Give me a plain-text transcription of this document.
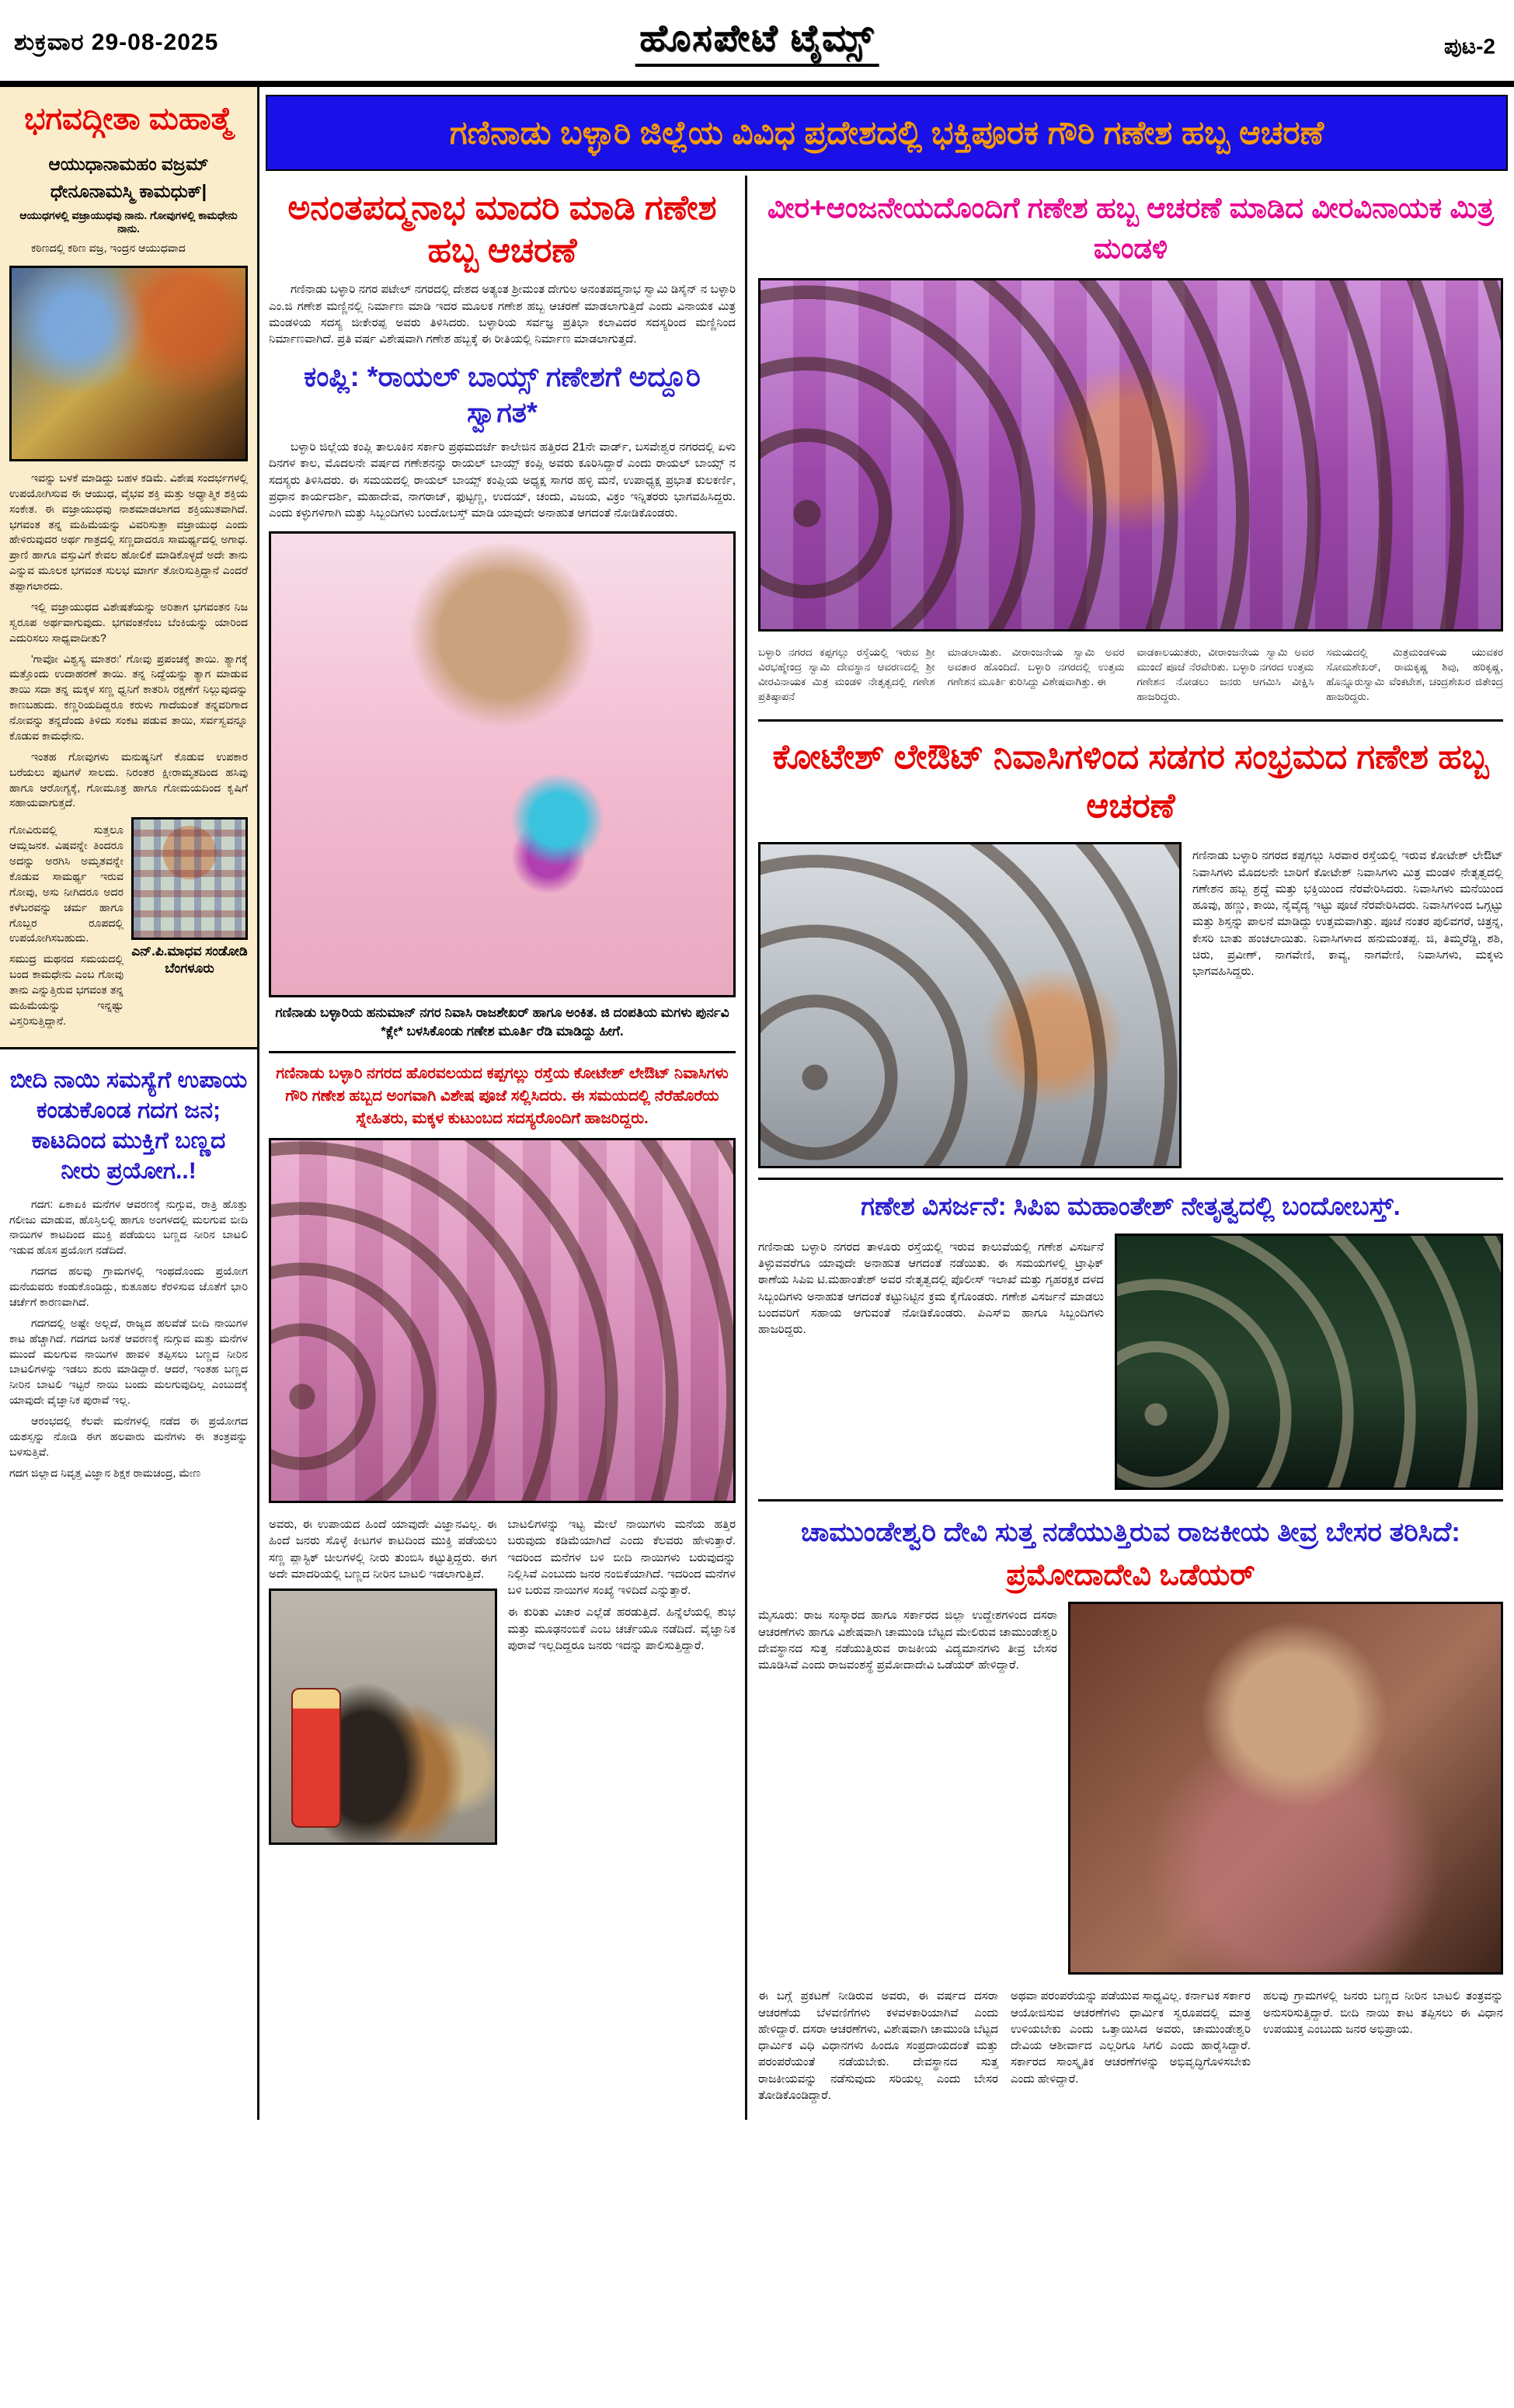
ಶುಕ್ರವಾರ 29-08-2025	ಹೊಸಪೇಟೆ ಟೈಮ್ಸ್	ಪುಟ-2
ಭಗವದ್ಗೀತಾ ಮಹಾತ್ಮೆ
ಆಯುಧಾನಾಮಹಂ ವಜ್ರಮ್
ಧೇನೂನಾಮಸ್ಮಿ ಕಾಮಧುಕ್|
ಆಯುಧಗಳಲ್ಲಿ ವಜ್ರಾಯುಧವು ನಾನು. ಗೋವುಗಳಲ್ಲಿ ಕಾಮಧೇನು ನಾನು.

ಕಠಿಣದಲ್ಲಿ ಕಠಿಣ ವಜ್ರ, ಇಂದ್ರನ ಆಯುಧವಾದ

ಇವನ್ನು ಬಳಕೆ ಮಾಡಿದ್ದು ಬಹಳ ಕಡಿಮೆ. ವಿಶೇಷ ಸಂದರ್ಭಗಳಲ್ಲಿ ಉಪಯೋಗಿಸುವ ಈ ಆಯುಧ, ವೈಭವ ಶಕ್ತಿ ಮತ್ತು ಅಧ್ಯಾತ್ಮಿಕ ಶಕ್ತಿಯ ಸಂಕೇತ. ಈ ವಜ್ರಾಯುಧವು ನಾಶಮಾಡಲಾಗದ ಶಕ್ತಿಯುತವಾಗಿದೆ. ಭಗವಂತ ತನ್ನ ಮಹಿಮೆಯನ್ನು ವಿವರಿಸುತ್ತಾ ವಜ್ರಾಯುಧ ಎಂದು ಹೇಳಿರುವುದರ ಅರ್ಥ ಗಾತ್ರದಲ್ಲಿ ಸಣ್ಣದಾದರೂ ಸಾಮರ್ಥ್ಯದಲ್ಲಿ ಅಗಾಧ. ಪ್ರಾಣಿ ಹಾಗೂ ವಸ್ತುವಿಗೆ ಕೇವಲ ಹೋಲಿಕೆ ಮಾಡಿಕೊಳ್ಳದೆ ಅದೇ ತಾನು ಎನ್ನುವ ಮೂಲಕ ಭಗವಂತ ಸುಲಭ ಮಾರ್ಗ ತೋರಿಸುತ್ತಿದ್ದಾನೆ ಎಂದರೆ ತಪ್ಪಾಗಲಾರದು.

ಇಲ್ಲಿ ವಜ್ರಾಯುಧದ ವಿಶೇಷತೆಯನ್ನು ಅರಿತಾಗ ಭಗವಂತನ ನಿಜ ಸ್ವರೂಪ ಅರ್ಥವಾಗುವುದು. ಭಗವಂತನೆಂಬ ಬೆಂಕಿಯನ್ನು ಯಾರಿಂದ ಎದುರಿಸಲು ಸಾಧ್ಯವಾದೀತು?

'ಗಾವೋ ವಿಶ್ವಸ್ಯ ಮಾತರಃ' ಗೋವು ಪ್ರಪಂಚಕ್ಕೆ ತಾಯಿ. ತ್ಯಾಗಕ್ಕೆ ಮತ್ತೊಂದು ಉದಾಹರಣೆ ತಾಯಿ. ತನ್ನ ನಿದ್ದೆಯನ್ನು ತ್ಯಾಗ ಮಾಡುವ ತಾಯಿ ಸದಾ ತನ್ನ ಮಕ್ಕಳ ಸಣ್ಣ ಧ್ವನಿಗೆ ಕಾತರಿಸಿ ರಕ್ಷಣೆಗೆ ನಿಲ್ಲುವುದನ್ನು ಕಾಣಬಹುದು. ಕಣ್ಣರಿಯದಿದ್ದರೂ ಕರುಳು ಗಾದೆಯಂತೆ ತನ್ನವರಿಗಾದ ನೋವನ್ನು ತನ್ನದೆಂದು ತಿಳಿದು ಸಂಕಟ ಪಡುವ ತಾಯಿ, ಸರ್ವಸ್ವವನ್ನೂ ಕೊಡುವ ಕಾಮಧೇನು.

ಇಂತಹ ಗೋವುಗಳು ಮನುಷ್ಯನಿಗೆ ಕೊಡುವ ಉಪಕಾರ ಬರೆಯಲು ಪುಟಗಳೆ ಸಾಲದು. ನಿರಂತರ ಕ್ಷೀರಾಮೃತದಿಂದ ಹಸಿವು ಹಾಗೂ ಆರೋಗ್ಯಕ್ಕೆ, ಗೋಮೂತ್ರ ಹಾಗೂ ಗೋಮಯದಿಂದ ಕೃಷಿಗೆ ಸಹಾಯವಾಗುತ್ತದೆ.

ಗೋವಿರುವಲ್ಲಿ ಸುತ್ತಲೂ ಆಮ್ಲಜನಕ. ವಿಷವನ್ನೇ ತಿಂದರೂ ಅದನ್ನು ಅರಗಿಸಿ ಅಮೃತವನ್ನೇ ಕೊಡುವ ಸಾಮರ್ಥ್ಯ ಇರುವ ಗೋವು, ಅಸು ನೀಗಿದರೂ ಅದರ ಕಳೆಬರವನ್ನು ಚರ್ಮ ಹಾಗೂ ಗೊಬ್ಬರ ರೂಪದಲ್ಲಿ ಉಪಯೋಗಿಸಬಹುದು.

ಸಮುದ್ರ ಮಥನದ ಸಮಯದಲ್ಲಿ ಬಂದ ಕಾಮಧೇನು ಎಂಬ ಗೋವು ತಾನು ಎನ್ನುತ್ತಿರುವ ಭಗವಂತ ತನ್ನ ಮಹಿಮೆಯನ್ನು ಇನ್ನಷ್ಟು ವಿಸ್ತರಿಸುತ್ತಿದ್ದಾನೆ.

ಎನ್.ಪಿ.ಮಾಧವ ಸಂಡೋಡಿ
ಬೆಂಗಳೂರು
ಬೀದಿ ನಾಯಿ ಸಮಸ್ಯೆಗೆ ಉಪಾಯ ಕಂಡುಕೊಂಡ ಗದಗ ಜನ; ಕಾಟದಿಂದ ಮುಕ್ತಿಗೆ ಬಣ್ಣದ ನೀರು ಪ್ರಯೋಗ..!

ಗದಗ: ಏಕಾಏಕಿ ಮನೆಗಳ ಆವರಣಕ್ಕೆ ನುಗ್ಗುವ, ರಾತ್ರಿ ಹೊತ್ತು ಗಲೀಜು ಮಾಡುವ, ಹೊಸ್ತಿಲಲ್ಲಿ ಹಾಗೂ ಅಂಗಳದಲ್ಲಿ ಮಲಗುವ ಬೀದಿ ನಾಯಿಗಳ ಕಾಟದಿಂದ ಮುಕ್ತಿ ಪಡೆಯಲು ಬಣ್ಣದ ನೀರಿನ ಬಾಟಲಿ ಇಡುವ ಹೊಸ ಪ್ರಯೋಗ ನಡೆದಿದೆ.

ಗದಗದ ಹಲವು ಗ್ರಾಮಗಳಲ್ಲಿ ಇಂಥದೊಂದು ಪ್ರಯೋಗ ಮನೆಯವರು ಕಂಡುಕೊಂಡಿದ್ದು, ಕುತೂಹಲ ಕೆರಳಿಸುವ ಜೊತೆಗೆ ಭಾರಿ ಚರ್ಚೆಗೆ ಕಾರಣವಾಗಿದೆ.

ಗದಗದಲ್ಲಿ ಅಷ್ಟೇ ಅಲ್ಲದೆ, ರಾಜ್ಯದ ಹಲವೆಡೆ ಬೀದಿ ನಾಯಿಗಳ ಕಾಟ ಹೆಚ್ಚಾಗಿದೆ. ಗದಗದ ಜನತೆ ಆವರಣಕ್ಕೆ ನುಗ್ಗುವ ಮತ್ತು ಮನೆಗಳ ಮುಂದೆ ಮಲಗುವ ನಾಯಿಗಳ ಹಾವಳಿ ತಪ್ಪಿಸಲು ಬಣ್ಣದ ನೀರಿನ ಬಾಟಲಿಗಳನ್ನು ಇಡಲು ಶುರು ಮಾಡಿದ್ದಾರೆ. ಆದರೆ, ಇಂತಹ ಬಣ್ಣದ ನೀರಿನ ಬಾಟಲಿ ಇಟ್ಟರೆ ನಾಯಿ ಬಂದು ಮಲಗುವುದಿಲ್ಲ ಎಂಬುದಕ್ಕೆ ಯಾವುದೇ ವೈಜ್ಞಾನಿಕ ಪುರಾವೆ ಇಲ್ಲ.

ಆರಂಭದಲ್ಲಿ ಕೆಲವೇ ಮನೆಗಳಲ್ಲಿ ನಡೆದ ಈ ಪ್ರಯೋಗದ ಯಶಸ್ಸನ್ನು ನೋಡಿ ಈಗ ಹಲವಾರು ಮನೆಗಳು ಈ ತಂತ್ರವನ್ನು ಬಳಸುತ್ತಿವೆ.

ಗದಗ ಜಿಲ್ಲಾದ ನಿವೃತ್ತ ವಿಜ್ಞಾನ ಶಿಕ್ಷಕ ರಾಮಚಂದ್ರ, ಮೇಣ

ಗಣಿನಾಡು ಬಳ್ಳಾರಿ ಜಿಲ್ಲೆಯ ವಿವಿಧ ಪ್ರದೇಶದಲ್ಲಿ ಭಕ್ತಿಪೂರಕ ಗೌರಿ ಗಣೇಶ ಹಬ್ಬ ಆಚರಣೆ
ಅನಂತಪದ್ಮನಾಭ ಮಾದರಿ ಮಾಡಿ ಗಣೇಶ ಹಬ್ಬ ಆಚರಣೆ

ಗಣಿನಾಡು ಬಳ್ಳಾರಿ ನಗರ ಪಟೇಲ್ ನಗರದಲ್ಲಿ ದೇಶದ ಅತ್ಯಂತ ಶ್ರೀಮಂತ ದೇಗುಲ ಅನಂತಪದ್ಮನಾಭ ಸ್ವಾಮಿ ಡಿಸೈನ್ ನ ಬಳ್ಳಾರಿ ಎಂ.ಜಿ ಗಣೇಶ ಮಣ್ಣಿನಲ್ಲಿ ನಿರ್ಮಾಣ ಮಾಡಿ ಇದರ ಮೂಲಕ ಗಣೇಶ ಹಬ್ಬ ಆಚರಣೆ ಮಾಡಲಾಗುತ್ತಿದೆ ಎಂದು ವಿನಾಯಕ ಮಿತ್ರ ಮಂಡಳಿಯ ಸದಸ್ಯ ಜೀಕೇರಪ್ಪ ಅವರು ತಿಳಿಸಿದರು. ಬಳ್ಳಾರಿಯ ಸರ್ವಜ್ಞ ಪ್ರತಿಭಾ ಕಲಾವಿದರ ಸದಸ್ಯರಿಂದ ಮಣ್ಣಿನಿಂದ ನಿರ್ಮಾಣವಾಗಿದೆ. ಪ್ರತಿ ವರ್ಷ ವಿಶೇಷವಾಗಿ ಗಣೇಶ ಹಬ್ಬಕ್ಕೆ ಈ ರೀತಿಯಲ್ಲಿ ನಿರ್ಮಾಣ ಮಾಡಲಾಗುತ್ತದೆ.

ಕಂಪ್ಲಿ: *ರಾಯಲ್ ಬಾಯ್ಸ್ ಗಣೇಶಗೆ ಅದ್ದೂರಿ ಸ್ವಾಗತ*

ಬಳ್ಳಾರಿ ಜಿಲ್ಲೆಯ ಕಂಪ್ಲಿ ತಾಲೂಕಿನ ಸರ್ಕಾರಿ ಪ್ರಥಮದರ್ಜೆ ಕಾಲೇಜಿನ ಹತ್ತಿರದ 21ನೇ ವಾರ್ಡ್, ಬಸವೇಶ್ವರ ನಗರದಲ್ಲಿ ಏಳು ದಿನಗಳ ಕಾಲ, ಮೊದಲನೇ ವರ್ಷದ ಗಣೇಶನನ್ನು ರಾಯಲ್ ಬಾಯ್ಸ್ ಕಂಪ್ಲಿ ಅವರು ಕೂರಿಸಿದ್ದಾರೆ ಎಂದು ರಾಯಲ್ ಬಾಯ್ಸ್ ನ ಸದಸ್ಯರು ತಿಳಿಸಿದರು. ಈ ಸಮಯದಲ್ಲಿ ರಾಯಲ್ ಬಾಯ್ಸ್ ಕಂಪ್ಲಿಯ ಅಧ್ಯಕ್ಷ ಸಾಗರ ಹಳ್ಳಿ ಮನೆ, ಉಪಾಧ್ಯಕ್ಷ ಪ್ರಭಾತ ಕುಲಕರ್ಣಿ, ಪ್ರಧಾನ ಕಾರ್ಯದರ್ಶಿ, ಮಹಾದೇವ, ನಾಗರಾಜ್, ಫುಟ್ಟಣ್ಣ, ಉದಯ್, ಚಂದು, ವಿಜಯ, ವಿಕ್ರಂ ಇನ್ನಿತರರು ಭಾಗವಹಿಸಿದ್ದರು. ಎಂದು ಕಳ್ಳುಗಳಿಗಾಗಿ ಮತ್ತು ಸಿಬ್ಬಂದಿಗಳು ಬಂದೋಬಸ್ತ್ ಮಾಡಿ ಯಾವುದೇ ಅನಾಹುತ ಆಗದಂತೆ ನೋಡಿಕೊಂಡರು.

ಗಣಿನಾಡು ಬಳ್ಳಾರಿಯ ಹನುಮಾನ್ ನಗರ ನಿವಾಸಿ ರಾಜಶೇಖರ್ ಹಾಗೂ ಅಂಕಿತ. ಜಿ ದಂಪತಿಯ ಮಗಳು ಪುರ್ನವಿ *ಕ್ಲೇ* ಬಳಸಿಕೊಂಡು ಗಣೇಶ ಮೂರ್ತಿ ರೆಡಿ ಮಾಡಿದ್ದು ಹೀಗೆ.
ಗಣಿನಾಡು ಬಳ್ಳಾರಿ ನಗರದ ಹೊರವಲಯದ ಕಪ್ಪಗಲ್ಲು ರಸ್ತೆಯ ಕೋಟೇಶ್ ಲೇಔಟ್ ನಿವಾಸಿಗಳು ಗೌರಿ ಗಣೇಶ ಹಬ್ಬದ ಅಂಗವಾಗಿ ವಿಶೇಷ ಪೂಜೆ ಸಲ್ಲಿಸಿದರು. ಈ ಸಮಯದಲ್ಲಿ ನೆರೆಹೊರೆಯ ಸ್ನೇಹಿತರು, ಮಕ್ಕಳ ಕುಟುಂಬದ ಸದಸ್ಯರೊಂದಿಗೆ ಹಾಜರಿದ್ದರು.

ಅವರು, ಈ ಉಪಾಯದ ಹಿಂದೆ ಯಾವುದೇ ವಿಜ್ಞಾನವಿಲ್ಲ. ಈ ಹಿಂದೆ ಜನರು ಸೊಳ್ಳೆ ಕೀಟಗಳ ಕಾಟದಿಂದ ಮುಕ್ತಿ ಪಡೆಯಲು ಸಣ್ಣ ಪ್ಲಾಸ್ಟಿಕ್ ಚೀಲಗಳಲ್ಲಿ ನೀರು ತುಂಬಿಸಿ ಕಟ್ಟುತ್ತಿದ್ದರು. ಈಗ ಅದೇ ಮಾದರಿಯಲ್ಲಿ ಬಣ್ಣದ ನೀರಿನ ಬಾಟಲಿ ಇಡಲಾಗುತ್ತಿದೆ.

ಬಾಟಲಿಗಳನ್ನು ಇಟ್ಟ ಮೇಲೆ ನಾಯಿಗಳು ಮನೆಯ ಹತ್ತಿರ ಬರುವುದು ಕಡಿಮೆಯಾಗಿದೆ ಎಂದು ಕೆಲವರು ಹೇಳುತ್ತಾರೆ. ಇದರಿಂದ ಮನೆಗಳ ಬಳಿ ಬೀದಿ ನಾಯಿಗಳು ಬರುವುದನ್ನು ನಿಲ್ಲಿಸಿವೆ ಎಂಬುದು ಜನರ ನಂಬಿಕೆಯಾಗಿದೆ. ಇದರಿಂದ ಮನೆಗಳ ಬಳಿ ಬರುವ ನಾಯಿಗಳ ಸಂಖ್ಯೆ ಇಳಿದಿದೆ ಎನ್ನುತ್ತಾರೆ.

ಈ ಕುರಿತು ವಿಚಾರ ಎಲ್ಲೆಡೆ ಹರಡುತ್ತಿದೆ. ಹಿನ್ನೆಲೆಯಲ್ಲಿ ಶುಭ ಮತ್ತು ಮೂಢನಂಬಿಕೆ ಎಂಬ ಚರ್ಚೆಯೂ ನಡೆದಿದೆ. ವೈಜ್ಞಾನಿಕ ಪುರಾವೆ ಇಲ್ಲದಿದ್ದರೂ ಜನರು ಇದನ್ನು ಪಾಲಿಸುತ್ತಿದ್ದಾರೆ.

ವೀರ+ಆಂಜನೇಯದೊಂದಿಗೆ ಗಣೇಶ ಹಬ್ಬ ಆಚರಣೆ ಮಾಡಿದ ವೀರವಿನಾಯಕ ಮಿತ್ರ ಮಂಡಳಿ

ಬಳ್ಳಾರಿ ನಗರದ ಕಪ್ಪಗಲ್ಲು ರಸ್ತೆಯಲ್ಲಿ ಇರುವ ಶ್ರೀ ವಿರಭಹ್ಮೇಂದ್ರ ಸ್ವಾಮಿ ದೇವಸ್ಥಾನ ಆವರಣದಲ್ಲಿ ಶ್ರೀ ವೀರವಿನಾಯಕ ಮಿತ್ರ ಮಂಡಳಿ ನೇತೃತ್ವದಲ್ಲಿ ಗಣೇಶ ಪ್ರತಿಷ್ಠಾಪನೆ

ಮಾಡಲಾಯಿತು. ವೀರಾಂಜನೇಯ ಸ್ವಾಮಿ ಅವರ ಅವತಾರ ಹೊಂದಿದೆ. ಬಳ್ಳಾರಿ ನಗರದಲ್ಲಿ ಉತ್ತಮ ಗಣೇಶನ ಮೂರ್ತಿ ಕುರಿಸಿದ್ದು ವಿಶೇಷವಾಗಿತ್ತು. ಈ

ವಾಡಕಾಲಯುತರು, ವೀರಾಂಜನೇಯ ಸ್ವಾಮಿ ಅವರ ಮುಂದೆ ಪೂಜೆ ನೆರವೇರಿತು. ಬಳ್ಳಾರಿ ನಗರದ ಉತ್ತಮ ಗಣೇಶನ ನೋಡಲು ಜನರು ಆಗಮಿಸಿ ವೀಕ್ಷಿಸಿ ಹಾಜರಿದ್ದರು.

ಸಮಯದಲ್ಲಿ ಮಿತ್ರಮಂಡಳಿಯ ಯುವಕರ ಸೋಮಶೇಖರ್, ರಾಮಕೃಷ್ಣ ಶಿವು, ಹರಿಕೃಷ್ಣ, ಹೊನ್ನೂರುಸ್ವಾಮಿ ವೆಂಕಟೇಶ, ಚಂದ್ರಶೇಖರ ಜಿತೇಂದ್ರ ಹಾಜರಿದ್ದರು.

ಕೋಟೇಶ್ ಲೇಔಟ್ ನಿವಾಸಿಗಳಿಂದ ಸಡಗರ ಸಂಭ್ರಮದ ಗಣೇಶ ಹಬ್ಬ ಆಚರಣೆ

ಗಣಿನಾಡು ಬಳ್ಳಾರಿ ನಗರದ ಕಪ್ಪಗಲ್ಲು ಸಿರವಾರ ರಸ್ತೆಯಲ್ಲಿ ಇರುವ ಕೋಟೇಶ್ ಲೇಔಟ್ ನಿವಾಸಿಗಳು ಮೊದಲನೇ ಬಾರಿಗೆ ಕೋಟೇಶ್ ನಿವಾಸಿಗಳು ಮಿತ್ರ ಮಂಡಳಿ ನೇತೃತ್ವದಲ್ಲಿ ಗಣೇಶನ ಹಬ್ಬ ಶ್ರದ್ಧೆ ಮತ್ತು ಭಕ್ತಿಯಿಂದ ನೆರವೇರಿಸಿದರು. ನಿವಾಸಿಗಳು ಮನೆಯಿಂದ ಹೂವು, ಹಣ್ಣು, ಕಾಯಿ, ನೈವೈದ್ಯ ಇಟ್ಟು ಪೂಜೆ ನೆರವೇರಿಸಿದರು. ನಿವಾಸಿಗಳಿಂದ ಒಗ್ಗಟ್ಟು ಮತ್ತು ಶಿಸ್ತನ್ನು ಪಾಲನೆ ಮಾಡಿದ್ದು ಉತ್ತಮವಾಗಿತ್ತು. ಪೂಜೆ ನಂತರ ಪುಲಿವಗರೆ, ಚಿತ್ರನ್ನ, ಕೇಸರಿ ಬಾತು ಹಂಚಲಾಯಿತು. ನಿವಾಸಿಗಳಾದ ಹನುಮಂತಪ್ಪ. ಜಿ, ತಿಮ್ಮರೆಡ್ಡಿ, ಶಶಿ, ಚಿರು, ಪ್ರವೀಣ್, ನಾಗವೇಣಿ, ಕಾವ್ಯ, ನಾಗವೇಣಿ, ನಿವಾಸಿಗಳು, ಮಕ್ಕಳು ಭಾಗವಹಿಸಿದ್ದರು.

ಗಣೇಶ ವಿಸರ್ಜನೆ: ಸಿಪಿಐ ಮಹಾಂತೇಶ್ ನೇತೃತ್ವದಲ್ಲಿ ಬಂದೋಬಸ್ತ್.

ಗಣಿನಾಡು ಬಳ್ಳಾರಿ ನಗರದ ತಾಳೂರು ರಸ್ತೆಯಲ್ಲಿ ಇರುವ ಕಾಲುವೆಯಲ್ಲಿ ಗಣೇಶ ವಿಸರ್ಜನೆ ತಿಳ್ಳುವವರೆಗೂ ಯಾವುದೇ ಅನಾಹುತ ಆಗದಂತೆ ನಡೆಯಿತು. ಈ ಸಮಯಗಳಲ್ಲಿ ಟ್ರಾಫಿಕ್ ಠಾಣೆಯ ಸಿಪಿಐ ಟಿ.ಮಹಾಂತೇಶ್ ಅವರ ನೇತೃತ್ವದಲ್ಲಿ ಪೊಲೀಸ್ ಇಲಾಖೆ ಮತ್ತು ಗೃಹರಕ್ಷಕ ದಳದ ಸಿಬ್ಬಂದಿಗಳು ಅನಾಹುತ ಆಗದಂತೆ ಕಟ್ಟುನಿಟ್ಟಿನ ಕ್ರಮ ಕೈಗೊಂಡರು. ಗಣೇಶ ವಿಸರ್ಜನೆ ಮಾಡಲು ಬಂದವರಿಗೆ ಸಹಾಯ ಆಗುವಂತೆ ನೋಡಿಕೊಂಡರು. ಪಿಎಸ್ಐ ಹಾಗೂ ಸಿಬ್ಬಂದಿಗಳು ಹಾಜರಿದ್ದರು.

ಚಾಮುಂಡೇಶ್ವರಿ ದೇವಿ ಸುತ್ತ ನಡೆಯುತ್ತಿರುವ ರಾಜಕೀಯ ತೀವ್ರ ಬೇಸರ ತರಿಸಿದೆ:
ಪ್ರಮೋದಾದೇವಿ ಒಡೆಯರ್

ಮೈಸೂರು: ರಾಜ ಸಂಸ್ಕಾರದ ಹಾಗೂ ಸರ್ಕಾರದ ಜಿಲ್ಲಾ ಉದ್ದೇಶಗಳಿಂದ ದಸರಾ ಆಚರಣೆಗಳು ಹಾಗೂ ವಿಶೇಷವಾಗಿ ಚಾಮುಂಡಿ ಬೆಟ್ಟದ ಮೇಲಿರುವ ಚಾಮುಂಡೇಶ್ವರಿ ದೇವಸ್ಥಾನದ ಸುತ್ತ ನಡೆಯುತ್ತಿರುವ ರಾಜಕೀಯ ವಿದ್ಯಮಾನಗಳು ತೀವ್ರ ಬೇಸರ ಮೂಡಿಸಿವೆ ಎಂದು ರಾಜವಂಶಸ್ಥೆ ಪ್ರಮೋದಾದೇವಿ ಒಡೆಯರ್ ಹೇಳಿದ್ದಾರೆ.

ಈ ಬಗ್ಗೆ ಪ್ರಕಟಣೆ ನೀಡಿರುವ ಅವರು, ಈ ವರ್ಷದ ದಸರಾ ಆಚರಣೆಯ ಬೆಳವಣಿಗೆಗಳು ಕಳವಳಕಾರಿಯಾಗಿವೆ ಎಂದು ಹೇಳಿದ್ದಾರೆ. ದಸರಾ ಆಚರಣೆಗಳು, ವಿಶೇಷವಾಗಿ ಚಾಮುಂಡಿ ಬೆಟ್ಟದ ಧಾರ್ಮಿಕ ವಿಧಿ ವಿಧಾನಗಳು ಹಿಂದೂ ಸಂಪ್ರದಾಯದಂತೆ ಮತ್ತು ಪರಂಪರೆಯಂತೆ ನಡೆಯಬೇಕು. ದೇವಸ್ಥಾನದ ಸುತ್ತ ರಾಜಕೀಯವನ್ನು ನಡೆಸುವುದು ಸರಿಯಲ್ಲ ಎಂದು ಬೇಸರ ತೋಡಿಕೊಂಡಿದ್ದಾರೆ.

ಅಥವಾ ಪರಂಪರೆಯನ್ನು ಪಡೆಯುವ ಸಾಧ್ಯವಿಲ್ಲ. ಕರ್ನಾಟಕ ಸರ್ಕಾರ ಆಯೋಜಿಸುವ ಆಚರಣೆಗಳು ಧಾರ್ಮಿಕ ಸ್ವರೂಪದಲ್ಲಿ ಮಾತ್ರ ಉಳಿಯಬೇಕು ಎಂದು ಒತ್ತಾಯಿಸಿದ ಅವರು, ಚಾಮುಂಡೇಶ್ವರಿ ದೇವಿಯ ಆಶೀರ್ವಾದ ಎಲ್ಲರಿಗೂ ಸಿಗಲಿ ಎಂದು ಹಾರೈಸಿದ್ದಾರೆ. ಸರ್ಕಾರದ ಸಾಂಸ್ಕೃತಿಕ ಆಚರಣೆಗಳನ್ನು ಅಭಿವೃದ್ಧಿಗೊಳಿಸಬೇಕು ಎಂದು ಹೇಳಿದ್ದಾರೆ.

ಹಲವು ಗ್ರಾಮಗಳಲ್ಲಿ ಜನರು ಬಣ್ಣದ ನೀರಿನ ಬಾಟಲಿ ತಂತ್ರವನ್ನು ಅನುಸರಿಸುತ್ತಿದ್ದಾರೆ. ಬೀದಿ ನಾಯಿ ಕಾಟ ತಪ್ಪಿಸಲು ಈ ವಿಧಾನ ಉಪಯುಕ್ತ ಎಂಬುದು ಜನರ ಅಭಿಪ್ರಾಯ.
